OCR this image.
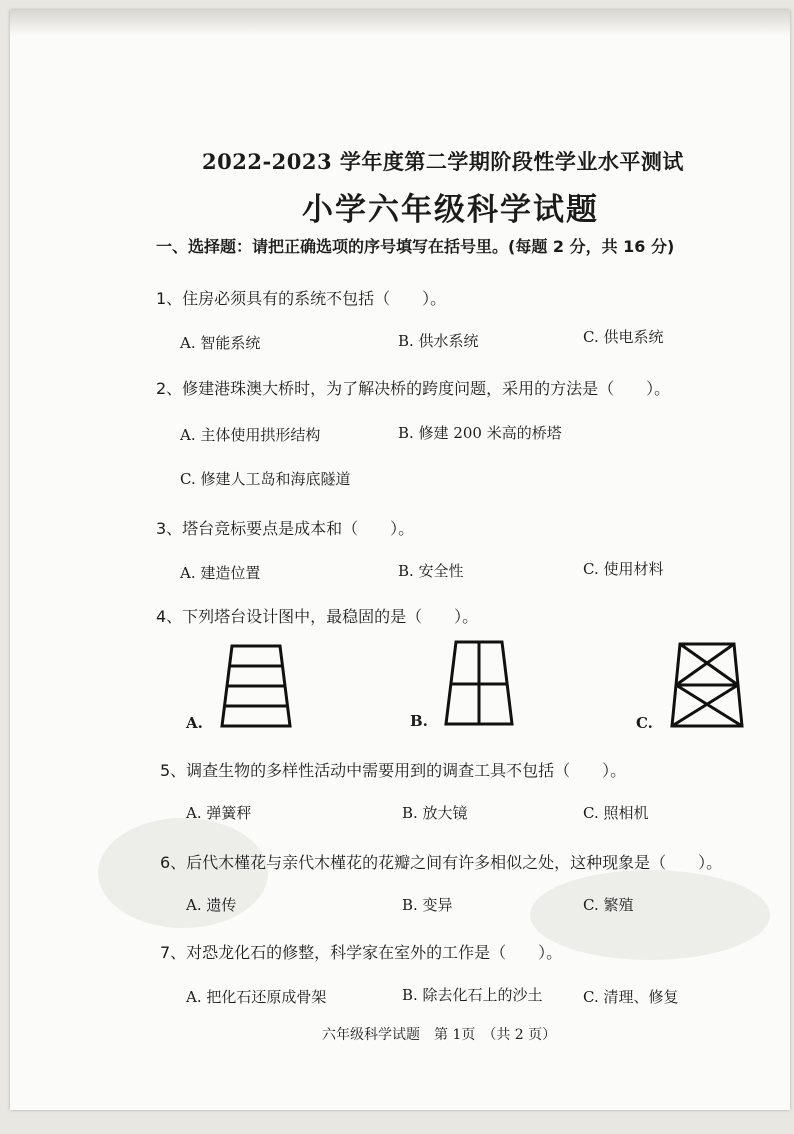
2022-2023 学年度第二学期阶段性学业水平测试
小学六年级科学试题
一、选择题：请把正确选项的序号填写在括号里。(每题 2 分，共 16 分)
1、住房必须具有的系统不包括（　　）。
A. 智能系统	B. 供水系统	C. 供电系统
2、修建港珠澳大桥时，为了解决桥的跨度问题，采用的方法是（　　）。
A. 主体使用拱形结构	B. 修建 200 米高的桥塔
C. 修建人工岛和海底隧道
3、塔台竞标要点是成本和（　　）。
A. 建造位置	B. 安全性	C. 使用材料
4、下列塔台设计图中，最稳固的是（　　）。
A.	B.	C.
5、调查生物的多样性活动中需要用到的调查工具不包括（　　）。
A. 弹簧秤	B. 放大镜	C. 照相机
6、后代木槿花与亲代木槿花的花瓣之间有许多相似之处，这种现象是（　　）。
A. 遗传	B. 变异	C. 繁殖
7、对恐龙化石的修整，科学家在室外的工作是（　　）。
A. 把化石还原成骨架	B. 除去化石上的沙土	C. 清理、修复
六年级科学试题　第 1页　（共 2 页）
